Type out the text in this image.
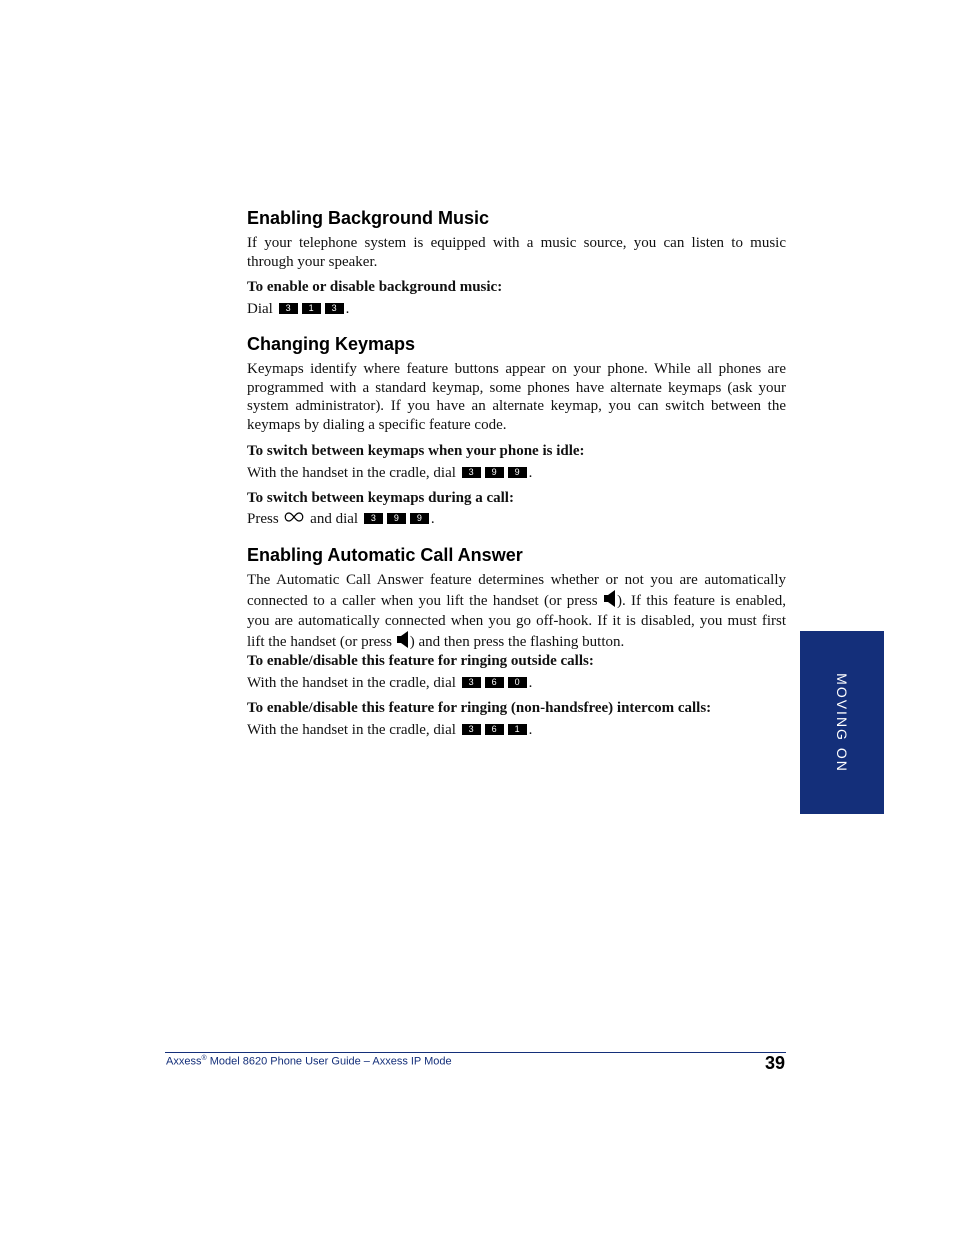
Enabling Background Music

If your telephone system is equipped with a music source, you can listen to music through your speaker.

To enable or disable background music:

Dial 3 1 3 .

Changing Keymaps

Keymaps identify where feature buttons appear on your phone. While all phones are programmed with a standard keymap, some phones have alternate keymaps (ask your system administrator). If you have an alternate keymap, you can switch between the keymaps by dialing a specific feature code.

To switch between keymaps when your phone is idle:

With the handset in the cradle, dial 3 9 9 .

To switch between keymaps during a call:

Press and dial 3 9 9 .

Enabling Automatic Call Answer

The Automatic Call Answer feature determines whether or not you are automatically connected to a caller when you lift the handset (or press ). If this feature is enabled, you are automatically connected when you go off-hook. If it is disabled, you must first lift the handset (or press ) and then press the flashing button.

To enable/disable this feature for ringing outside calls:

With the handset in the cradle, dial 3 6 0 .

To enable/disable this feature for ringing (non-handsfree) intercom calls:

With the handset in the cradle, dial 3 6 1 .	MOVING ON
Axxess® Model 8620 Phone User Guide – Axxess IP Mode	39
